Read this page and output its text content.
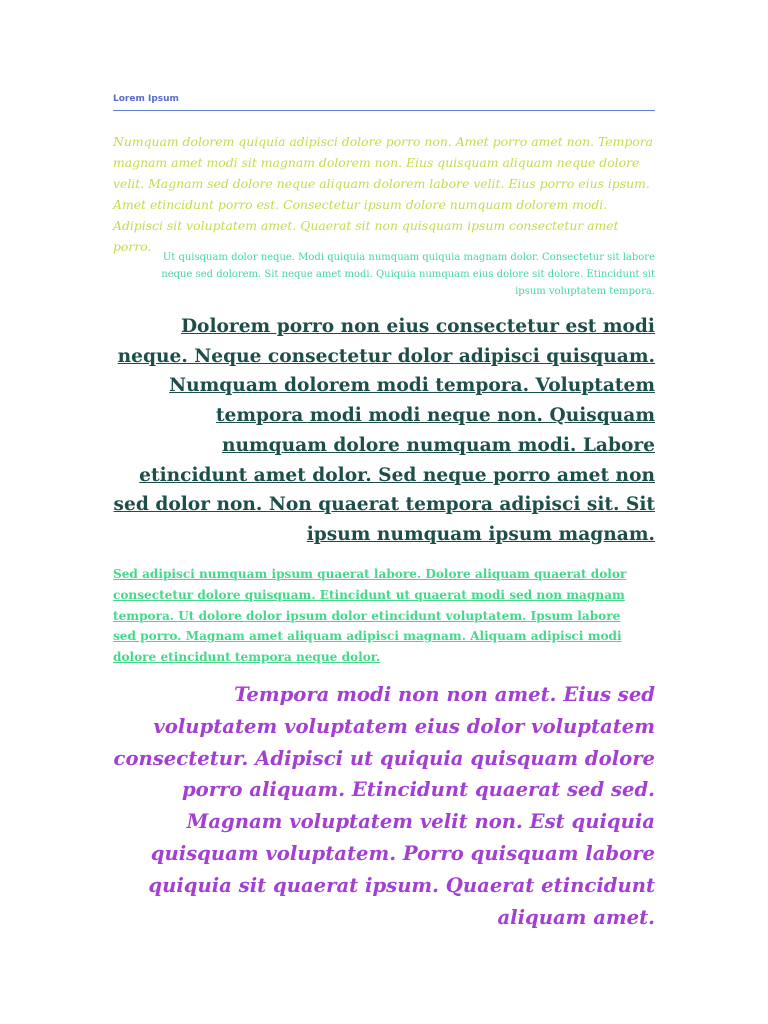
Lorem Ipsum

Numquam dolorem quiquia adipisci dolore porro non. Amet porro amet non. Tempora magnam amet modi sit magnam dolorem non. Eius quisquam aliquam neque dolore velit. Magnam sed dolore neque aliquam dolorem labore velit. Eius porro eius ipsum. Amet etincidunt porro est. Consectetur ipsum dolore numquam dolorem modi. Adipisci sit voluptatem amet. Quaerat sit non quisquam ipsum consectetur amet porro.

Ut quisquam dolor neque. Modi quiquia numquam quiquia magnam dolor. Consectetur sit labore neque sed dolorem. Sit neque amet modi. Quiquia numquam eius dolore sit dolore. Etincidunt sit ipsum voluptatem tempora.

Dolorem porro non eius consectetur est modi neque. Neque consectetur dolor adipisci quisquam. Numquam dolorem modi tempora. Voluptatem tempora modi modi neque non. Quisquam numquam dolore numquam modi. Labore etincidunt amet dolor. Sed neque porro amet non sed dolor non. Non quaerat tempora adipisci sit. Sit ipsum numquam ipsum magnam.

Sed adipisci numquam ipsum quaerat labore. Dolore aliquam quaerat dolor consectetur dolore quisquam. Etincidunt ut quaerat modi sed non magnam tempora. Ut dolore dolor ipsum dolor etincidunt voluptatem. Ipsum labore sed porro. Magnam amet aliquam adipisci magnam. Aliquam adipisci modi dolore etincidunt tempora neque dolor.

Tempora modi non non amet. Eius sed voluptatem voluptatem eius dolor voluptatem consectetur. Adipisci ut quiquia quisquam dolore porro aliquam. Etincidunt quaerat sed sed. Magnam voluptatem velit non. Est quiquia quisquam voluptatem. Porro quisquam labore quiquia sit quaerat ipsum. Quaerat etincidunt aliquam amet.
